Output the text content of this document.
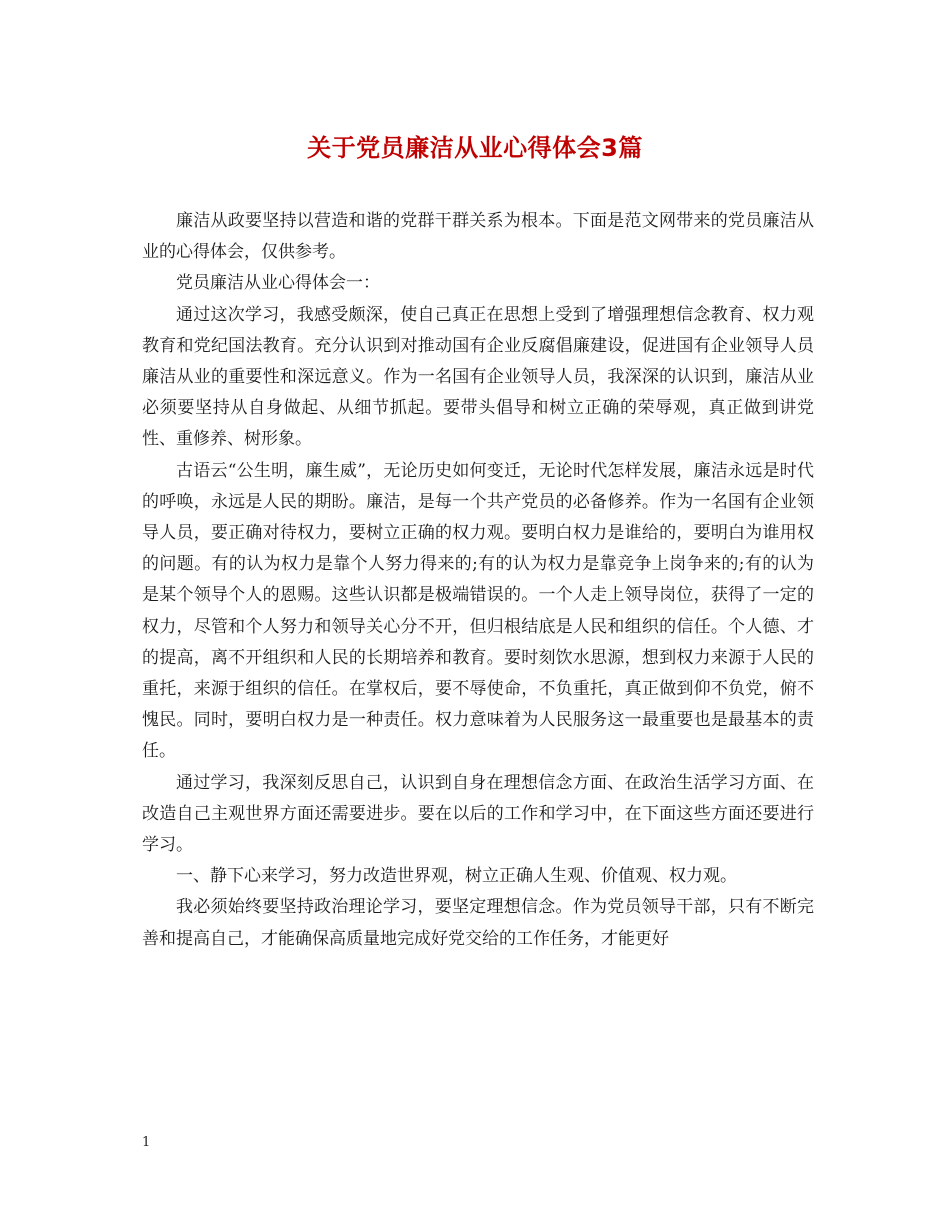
关于党员廉洁从业心得体会3篇

廉洁从政要坚持以营造和谐的党群干群关系为根本。下面是范文网带来的党员廉洁从业的心得体会，仅供参考。

党员廉洁从业心得体会一：

通过这次学习，我感受颇深，使自己真正在思想上受到了增强理想信念教育、权力观教育和党纪国法教育。充分认识到对推动国有企业反腐倡廉建设，促进国有企业领导人员廉洁从业的重要性和深远意义。作为一名国有企业领导人员，我深深的认识到，廉洁从业必须要坚持从自身做起、从细节抓起。要带头倡导和树立正确的荣辱观，真正做到讲党性、重修养、树形象。

古语云“公生明，廉生威”，无论历史如何变迁，无论时代怎样发展，廉洁永远是时代的呼唤，永远是人民的期盼。廉洁，是每一个共产党员的必备修养。作为一名国有企业领导人员，要正确对待权力，要树立正确的权力观。要明白权力是谁给的，要明白为谁用权的问题。有的认为权力是靠个人努力得来的;有的认为权力是靠竞争上岗争来的;有的认为是某个领导个人的恩赐。这些认识都是极端错误的。一个人走上领导岗位，获得了一定的权力，尽管和个人努力和领导关心分不开，但归根结底是人民和组织的信任。个人德、才的提高，离不开组织和人民的长期培养和教育。要时刻饮水思源，想到权力来源于人民的重托，来源于组织的信任。在掌权后，要不辱使命，不负重托，真正做到仰不负党，俯不愧民。同时，要明白权力是一种责任。权力意味着为人民服务这一最重要也是最基本的责任。

通过学习，我深刻反思自己，认识到自身在理想信念方面、在政治生活学习方面、在改造自己主观世界方面还需要进步。要在以后的工作和学习中，在下面这些方面还要进行学习。

一、静下心来学习，努力改造世界观，树立正确人生观、价值观、权力观。

我必须始终要坚持政治理论学习，要坚定理想信念。作为党员领导干部，只有不断完善和提高自己，才能确保高质量地完成好党交给的工作任务，才能更好

1
